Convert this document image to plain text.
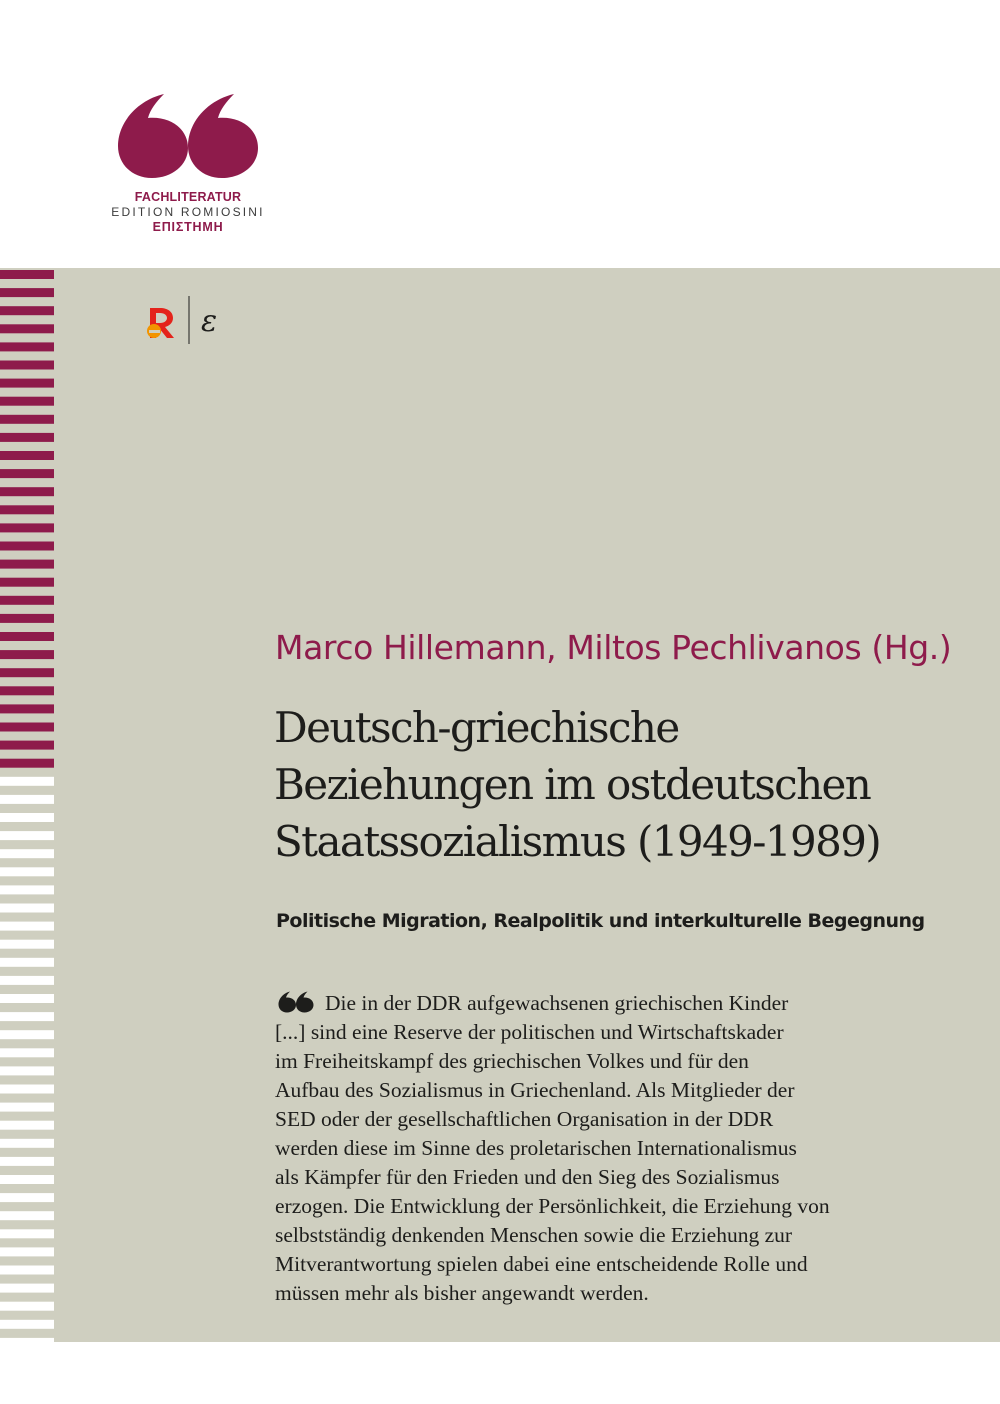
FACHLITERATUR
EDITION ROMIOSINI
ΕΠΙΣΤΗΜΗ
ε
Marco Hillemann, Miltos Pechlivanos (Hg.)
Deutsch-griechische
Beziehungen im ostdeutschen
Staatssozialismus (1949-1989)
Politische Migration, Realpolitik und interkulturelle Begegnung
Die in der DDR aufgewachsenen griechischen Kinder
[...] sind eine Reserve der politischen und Wirtschaftskader
im Freiheitskampf des griechischen Volkes und für den
Aufbau des Sozialismus in Griechenland. Als Mitglieder der
SED oder der gesellschaftlichen Organisation in der DDR
werden diese im Sinne des proletarischen Internationalismus
als Kämpfer für den Frieden und den Sieg des Sozialismus
erzogen. Die Entwicklung der Persönlichkeit, die Erziehung von
selbstständig denkenden Menschen sowie die Erziehung zur
Mitverantwortung spielen dabei eine entscheidende Rolle und
müssen mehr als bisher angewandt werden.
